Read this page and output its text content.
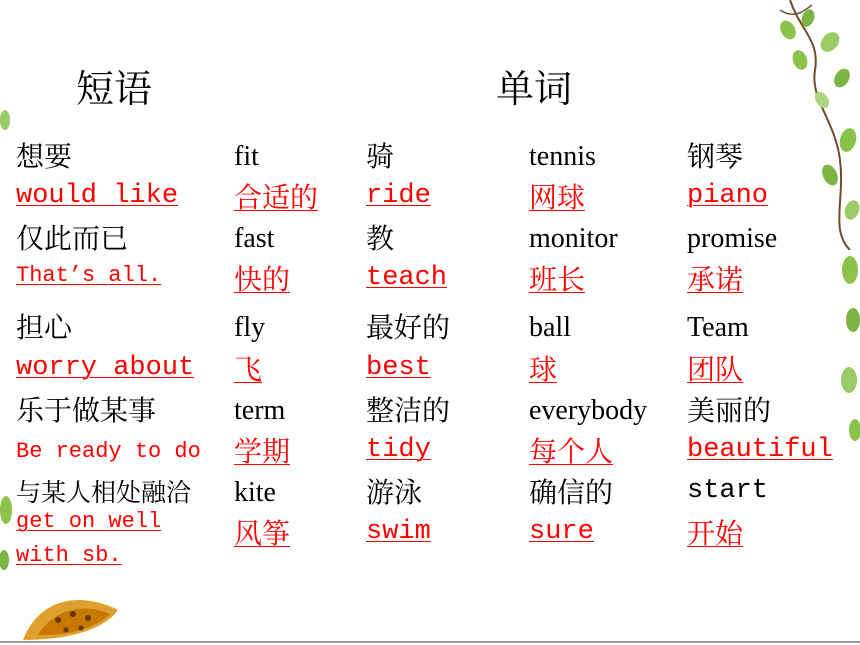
短语	单词
想要
would like
仅此而已
That’s all.
担心
worry about
乐于做某事
Be ready to do
与某人相处融洽
get on well
with sb.
fit
合适的
fast
快的
fly
飞
term
学期
kite
风筝
骑
ride
教
teach
最好的
best
整洁的
tidy
游泳
swim
tennis
网球
monitor
班长
ball
球
everybody
每个人
确信的
sure
钢琴
piano
promise
承诺
Team
团队
美丽的
beautiful
start
开始
